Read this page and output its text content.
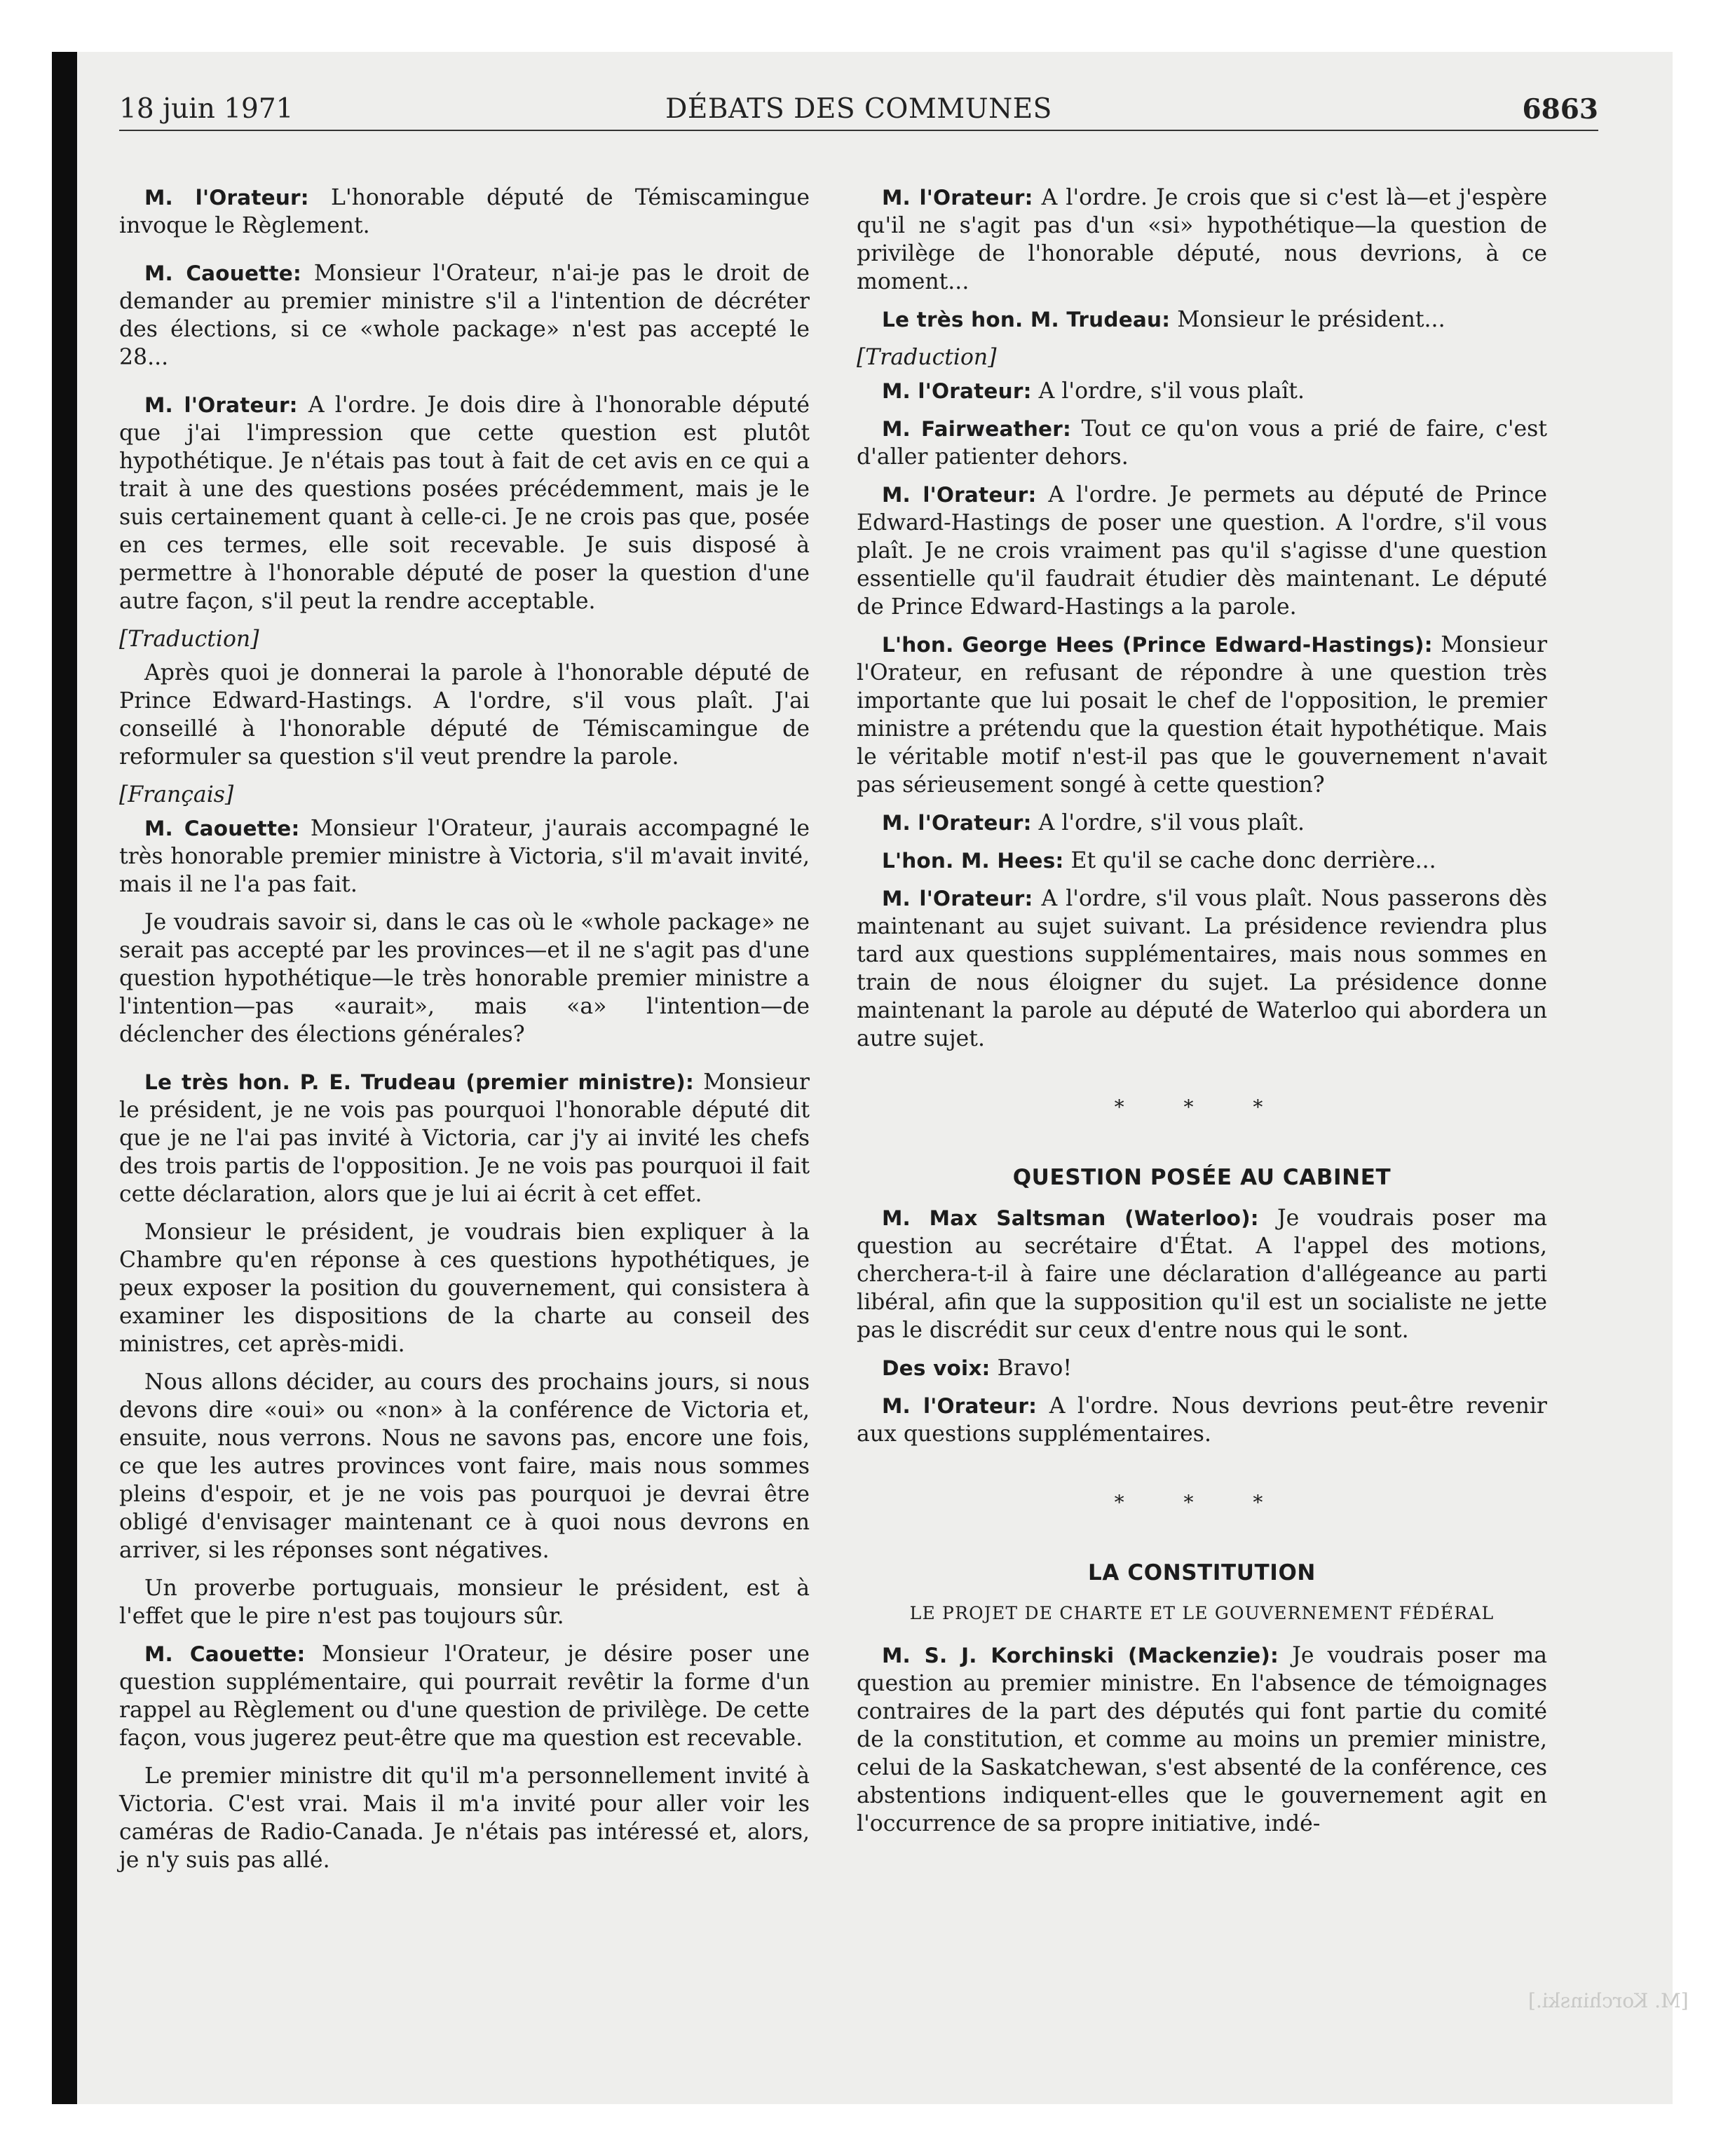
18 juin 1971	DÉBATS DES COMMUNES	6863

M. l'Orateur: L'honorable député de Témiscamingue invoque le Règlement.

M. Caouette: Monsieur l'Orateur, n'ai-je pas le droit de demander au premier ministre s'il a l'intention de décréter des élections, si ce «whole package» n'est pas accepté le 28...

M. l'Orateur: A l'ordre. Je dois dire à l'honorable député que j'ai l'impression que cette question est plutôt hypothétique. Je n'étais pas tout à fait de cet avis en ce qui a trait à une des questions posées précédemment, mais je le suis certainement quant à celle-ci. Je ne crois pas que, posée en ces termes, elle soit recevable. Je suis disposé à permettre à l'honorable député de poser la question d'une autre façon, s'il peut la rendre acceptable.

[Traduction]

Après quoi je donnerai la parole à l'honorable député de Prince Edward-Hastings. A l'ordre, s'il vous plaît. J'ai conseillé à l'honorable député de Témiscamingue de reformuler sa question s'il veut prendre la parole.

[Français]

M. Caouette: Monsieur l'Orateur, j'aurais accompagné le très honorable premier ministre à Victoria, s'il m'avait invité, mais il ne l'a pas fait.

Je voudrais savoir si, dans le cas où le «whole package» ne serait pas accepté par les provinces—et il ne s'agit pas d'une question hypothétique—le très honorable premier ministre a l'intention—pas «aurait», mais «a» l'intention—de déclencher des élections générales?

Le très hon. P. E. Trudeau (premier ministre): Monsieur le président, je ne vois pas pourquoi l'honorable député dit que je ne l'ai pas invité à Victoria, car j'y ai invité les chefs des trois partis de l'opposition. Je ne vois pas pourquoi il fait cette déclaration, alors que je lui ai écrit à cet effet.

Monsieur le président, je voudrais bien expliquer à la Chambre qu'en réponse à ces questions hypothétiques, je peux exposer la position du gouvernement, qui consistera à examiner les dispositions de la charte au conseil des ministres, cet après-midi.

Nous allons décider, au cours des prochains jours, si nous devons dire «oui» ou «non» à la conférence de Victoria et, ensuite, nous verrons. Nous ne savons pas, encore une fois, ce que les autres provinces vont faire, mais nous sommes pleins d'espoir, et je ne vois pas pourquoi je devrai être obligé d'envisager maintenant ce à quoi nous devrons en arriver, si les réponses sont négatives.

Un proverbe portuguais, monsieur le président, est à l'effet que le pire n'est pas toujours sûr.

M. Caouette: Monsieur l'Orateur, je désire poser une question supplémentaire, qui pourrait revêtir la forme d'un rappel au Règlement ou d'une question de privilège. De cette façon, vous jugerez peut-être que ma question est recevable.

Le premier ministre dit qu'il m'a personnellement invité à Victoria. C'est vrai. Mais il m'a invité pour aller voir les caméras de Radio-Canada. Je n'étais pas intéressé et, alors, je n'y suis pas allé.

M. l'Orateur: A l'ordre. Je crois que si c'est là—et j'espère qu'il ne s'agit pas d'un «si» hypothétique—la question de privilège de l'honorable député, nous devrions, à ce moment...

Le très hon. M. Trudeau: Monsieur le président...

[Traduction]

M. l'Orateur: A l'ordre, s'il vous plaît.

M. Fairweather: Tout ce qu'on vous a prié de faire, c'est d'aller patienter dehors.

M. l'Orateur: A l'ordre. Je permets au député de Prince Edward-Hastings de poser une question. A l'ordre, s'il vous plaît. Je ne crois vraiment pas qu'il s'agisse d'une question essentielle qu'il faudrait étudier dès maintenant. Le député de Prince Edward-Hastings a la parole.

L'hon. George Hees (Prince Edward-Hastings): Monsieur l'Orateur, en refusant de répondre à une question très importante que lui posait le chef de l'opposition, le premier ministre a prétendu que la question était hypothétique. Mais le véritable motif n'est-il pas que le gouvernement n'avait pas sérieusement songé à cette question?

M. l'Orateur: A l'ordre, s'il vous plaît.

L'hon. M. Hees: Et qu'il se cache donc derrière...

M. l'Orateur: A l'ordre, s'il vous plaît. Nous passerons dès maintenant au sujet suivant. La présidence reviendra plus tard aux questions supplémentaires, mais nous sommes en train de nous éloigner du sujet. La présidence donne maintenant la parole au député de Waterloo qui abordera un autre sujet.

* * *
QUESTION POSÉE AU CABINET

M. Max Saltsman (Waterloo): Je voudrais poser ma question au secrétaire d'État. A l'appel des motions, cherchera-t-il à faire une déclaration d'allégeance au parti libéral, afin que la supposition qu'il est un socialiste ne jette pas le discrédit sur ceux d'entre nous qui le sont.

Des voix: Bravo!

M. l'Orateur: A l'ordre. Nous devrions peut-être revenir aux questions supplémentaires.

* * *
LA CONSTITUTION
LE PROJET DE CHARTE ET LE GOUVERNEMENT FÉDÉRAL

M. S. J. Korchinski (Mackenzie): Je voudrais poser ma question au premier ministre. En l'absence de témoignages contraires de la part des députés qui font partie du comité de la constitution, et comme au moins un premier ministre, celui de la Saskatchewan, s'est absenté de la conférence, ces abstentions indiquent-elles que le gouvernement agit en l'occurrence de sa propre initiative, indé-

[M. Korchinski.]
